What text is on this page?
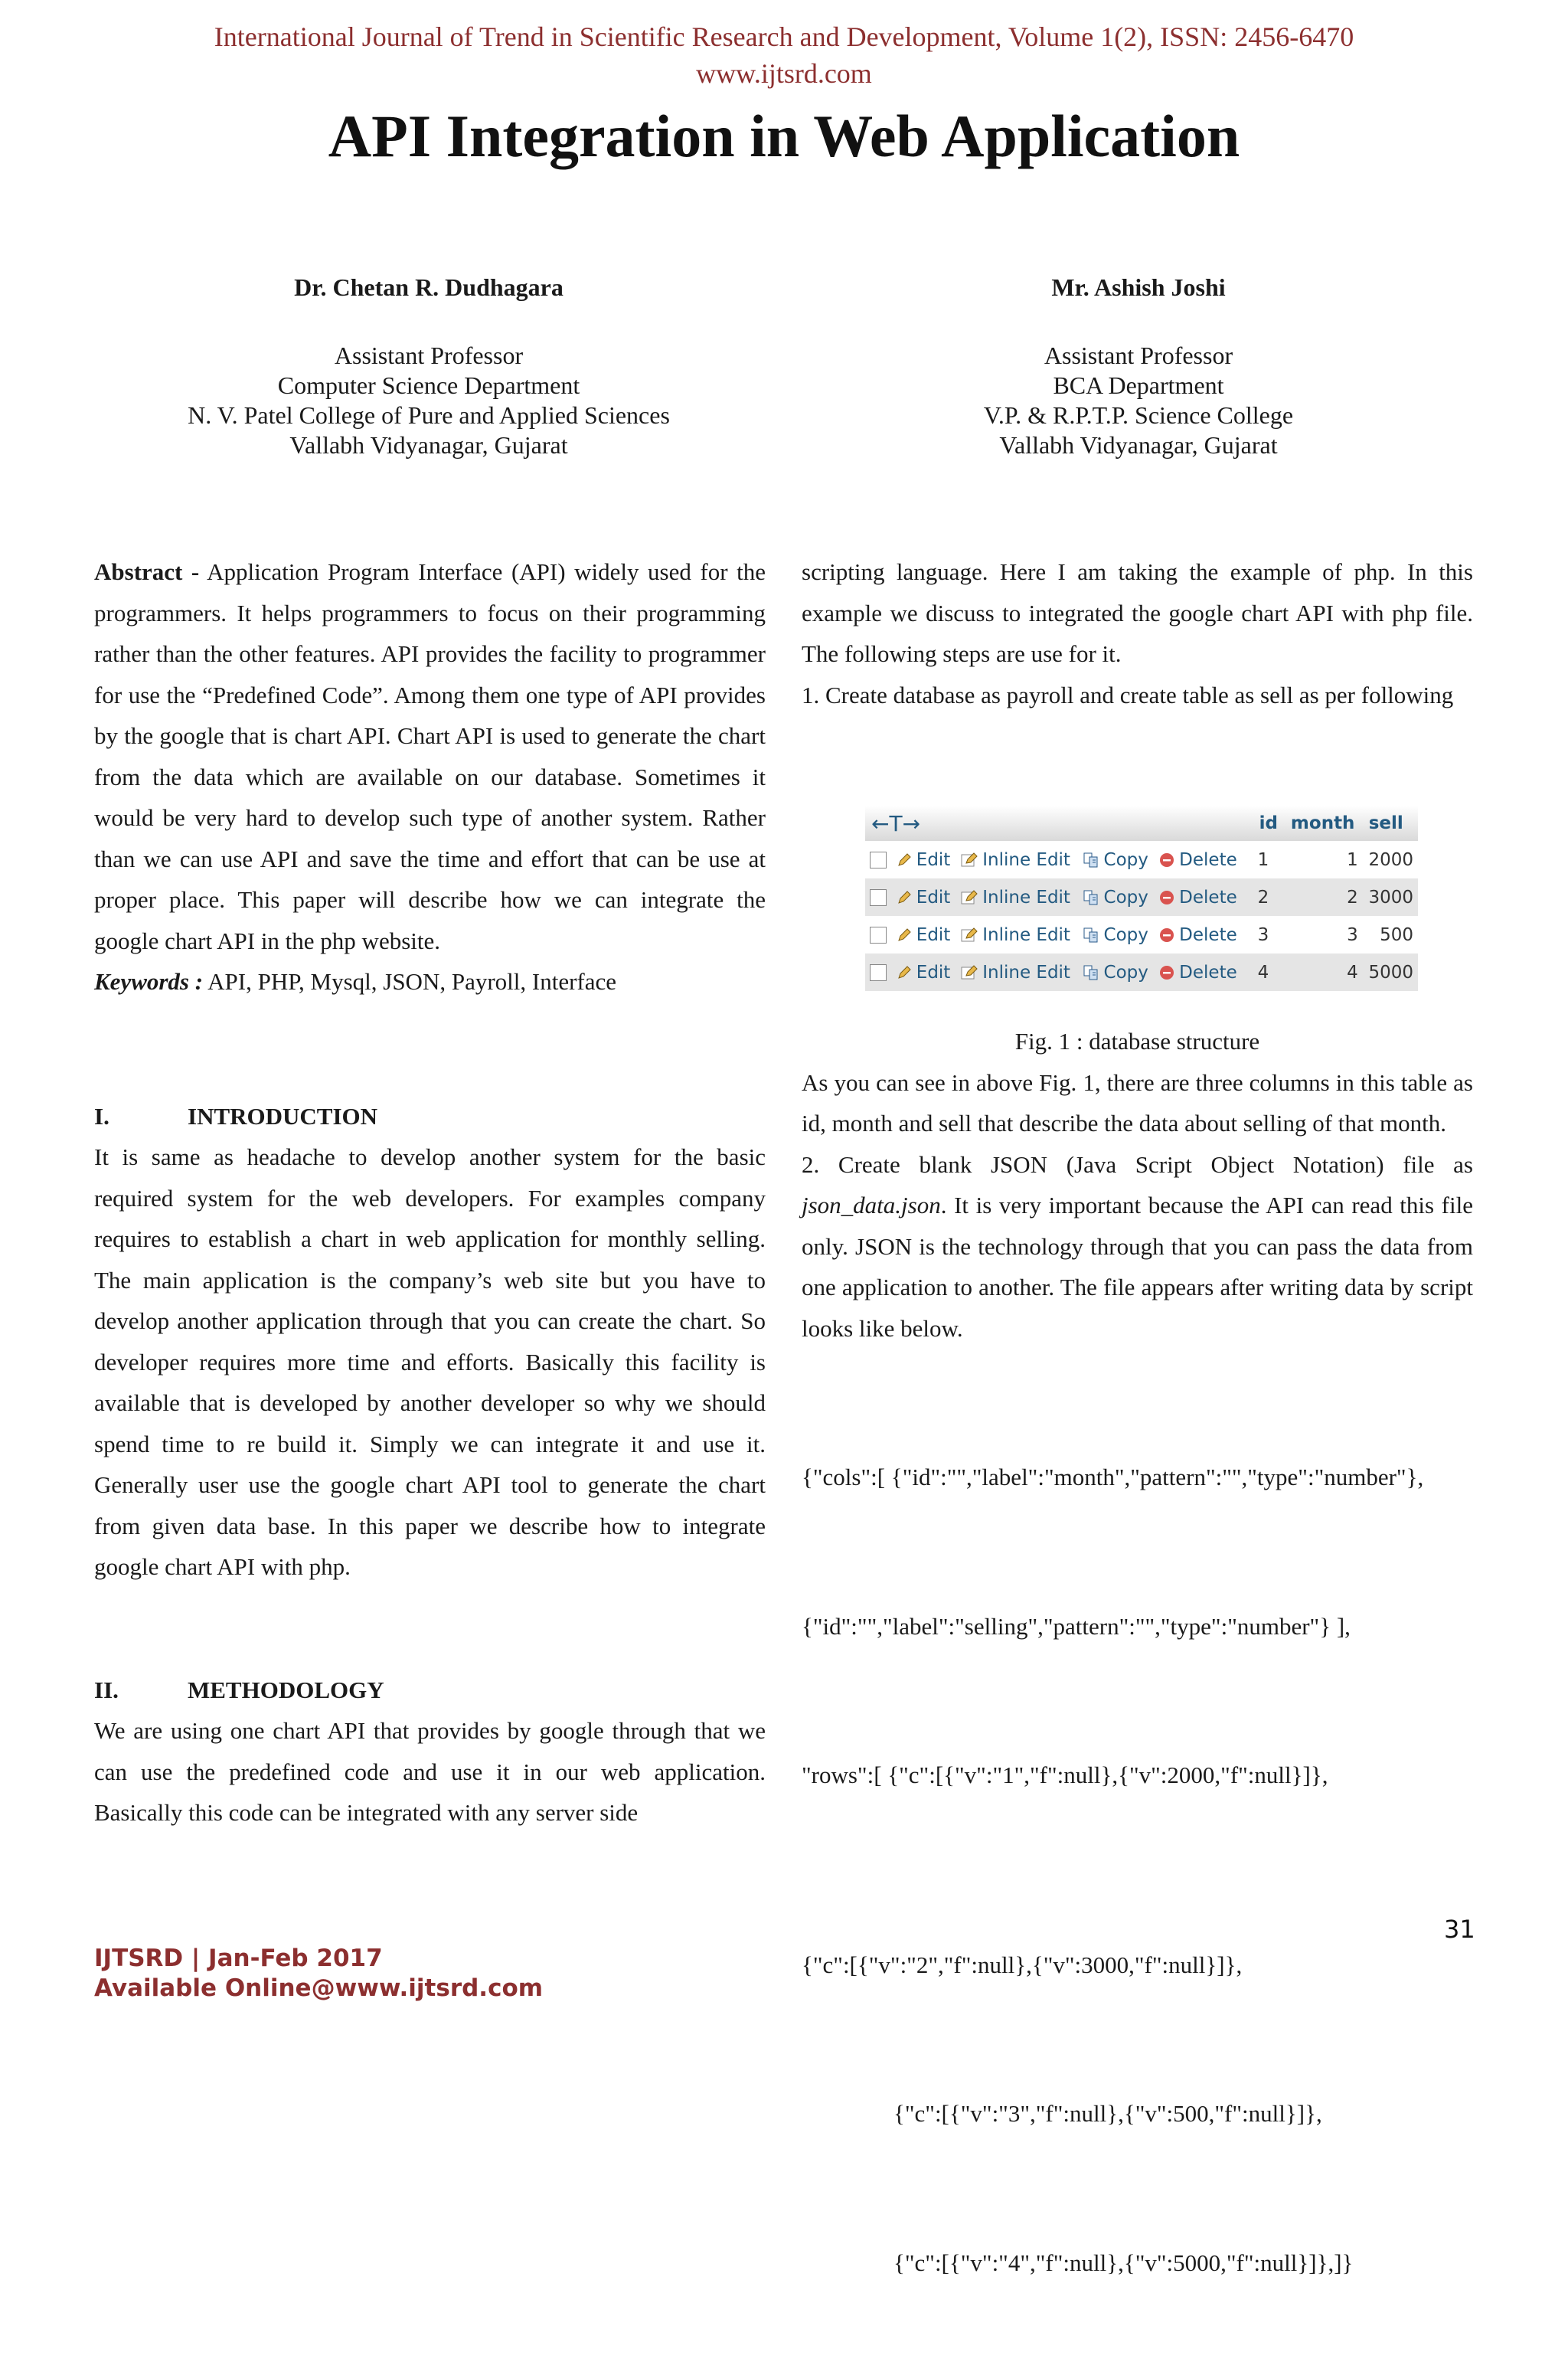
International Journal of Trend in Scientific Research and Development, Volume 1(2), ISSN: 2456-6470
www.ijtsrd.com
API Integration in Web Application
Dr. Chetan R. Dudhagara
Assistant Professor
Computer Science Department
N. V. Patel College of Pure and Applied Sciences
Vallabh Vidyanagar, Gujarat
Mr. Ashish Joshi
Assistant Professor
BCA Department
V.P. & R.P.T.P. Science College
Vallabh Vidyanagar, Gujarat

Abstract - Application Program Interface (API) widely used for the programmers. It helps programmers to focus on their programming rather than the other features. API provides the facility to programmer for use the “Predefined Code”. Among them one type of API provides by the google that is chart API. Chart API is used to generate the chart from the data which are available on our database. Sometimes it would be very hard to develop such type of another system. Rather than we can use API and save the time and effort that can be use at proper place. This paper will describe how we can integrate the google chart API in the php website.

Keywords : API, PHP, Mysql, JSON, Payroll, Interface

I.	INTRODUCTION

It is same as headache to develop another system for the basic required system for the web developers. For examples company requires to establish a chart in web application for monthly selling. The main application is the company’s web site but you have to develop another application through that you can create the chart. So developer requires more time and efforts. Basically this facility is available that is developed by another developer so why we should spend time to re build it. Simply we can integrate it and use it. Generally user use the google chart API tool to generate the chart from given data base. In this paper we describe how to integrate google chart API with php.

II.	METHODOLOGY

We are using one chart API that provides by google through that we can use the predefined code and use it in our web application. Basically this code can be integrated with any server side

scripting language. Here I am taking the example of php. In this example we discuss to integrated the google chart API with php file. The following steps are use for it.

1. Create database as payroll and create table as sell as per following

←T→						id	month	sell
	Edit	Inline Edit	Copy	Delete		1	1	2000
	Edit	Inline Edit	Copy	Delete		2	2	3000
	Edit	Inline Edit	Copy	Delete		3	3	500
	Edit	Inline Edit	Copy	Delete		4	4	5000

Fig. 1 : database structure

As you can see in above Fig. 1, there are three columns in this table as id, month and sell that describe the data about selling of that month.

2. Create blank JSON (Java Script Object Notation) file as json_data.json. It is very important because the API can read this file only. JSON is the technology through that you can pass the data from one application to another. The file appears after writing data by script looks like below.

{"cols":[ {"id":"","label":"month","pattern":"","type":"number"},

{"id":"","label":"selling","pattern":"","type":"number"} ],

"rows":[ {"c":[{"v":"1","f":null},{"v":2000,"f":null}]},

{"c":[{"v":"2","f":null},{"v":3000,"f":null}]},

{"c":[{"v":"3","f":null},{"v":500,"f":null}]},

{"c":[{"v":"4","f":null},{"v":5000,"f":null}]},]}

31
IJTSRD | Jan-Feb 2017
Available Online@www.ijtsrd.com
